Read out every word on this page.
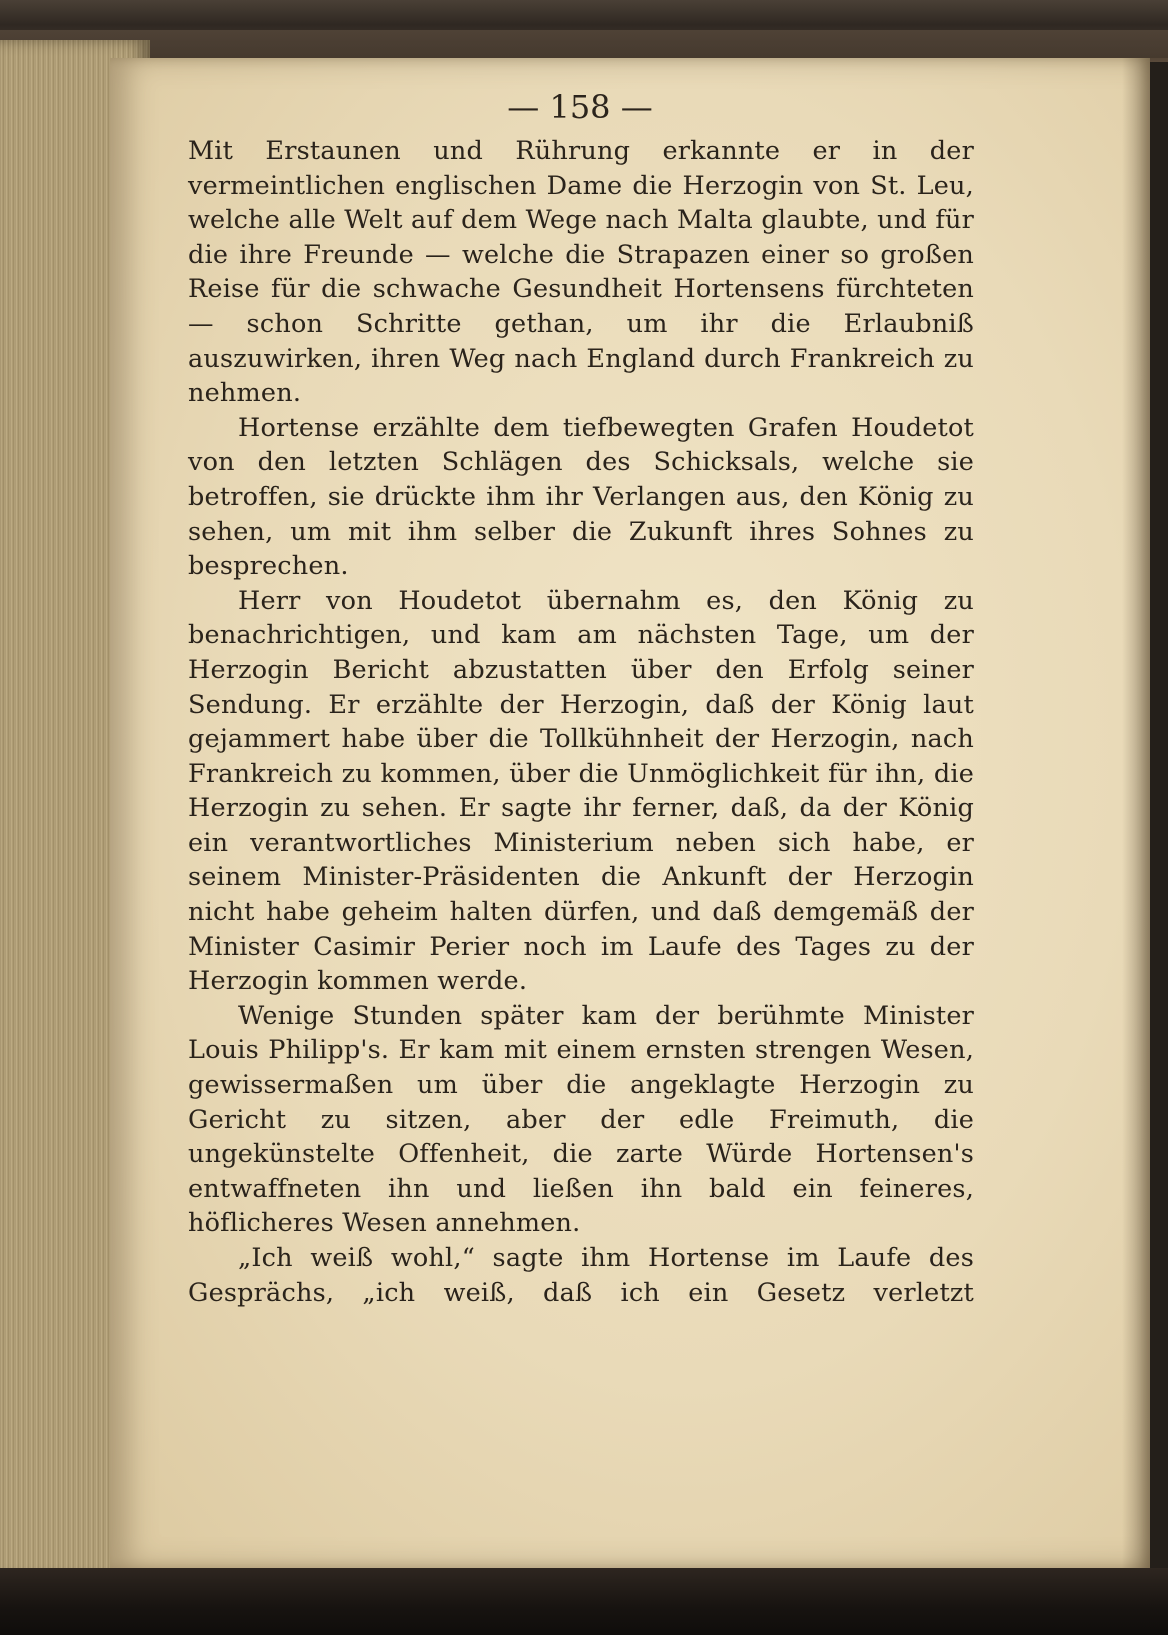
— 158 —

Mit Erstaunen und Rührung erkannte er in der vermeintlichen englischen Dame die Herzogin von St. Leu, welche alle Welt auf dem Wege nach Malta glaubte, und für die ihre Freunde — welche die Strapazen einer so großen Reise für die schwache Gesundheit Hortensens fürchteten — schon Schritte gethan, um ihr die Erlaubniß auszuwirken, ihren Weg nach England durch Frankreich zu nehmen.

Hortense erzählte dem tiefbewegten Grafen Houdetot von den letzten Schlägen des Schicksals, welche sie betroffen, sie drückte ihm ihr Verlangen aus, den König zu sehen, um mit ihm selber die Zukunft ihres Sohnes zu besprechen.

Herr von Houdetot übernahm es, den König zu benachrichtigen, und kam am nächsten Tage, um der Herzogin Bericht abzustatten über den Erfolg seiner Sendung. Er erzählte der Herzogin, daß der König laut gejammert habe über die Tollkühnheit der Herzogin, nach Frankreich zu kommen, über die Unmöglichkeit für ihn, die Herzogin zu sehen. Er sagte ihr ferner, daß, da der König ein verantwortliches Ministerium neben sich habe, er seinem Minister-Präsidenten die Ankunft der Herzogin nicht habe geheim halten dürfen, und daß demgemäß der Minister Casimir Perier noch im Laufe des Tages zu der Herzogin kommen werde.

Wenige Stunden später kam der berühmte Minister Louis Philipp's. Er kam mit einem ernsten strengen Wesen, gewissermaßen um über die angeklagte Herzogin zu Gericht zu sitzen, aber der edle Freimuth, die ungekünstelte Offenheit, die zarte Würde Hortensen's entwaffneten ihn und ließen ihn bald ein feineres, höflicheres Wesen annehmen.

„Ich weiß wohl,“ sagte ihm Hortense im Laufe des Gesprächs, „ich weiß, daß ich ein Gesetz verletzt
